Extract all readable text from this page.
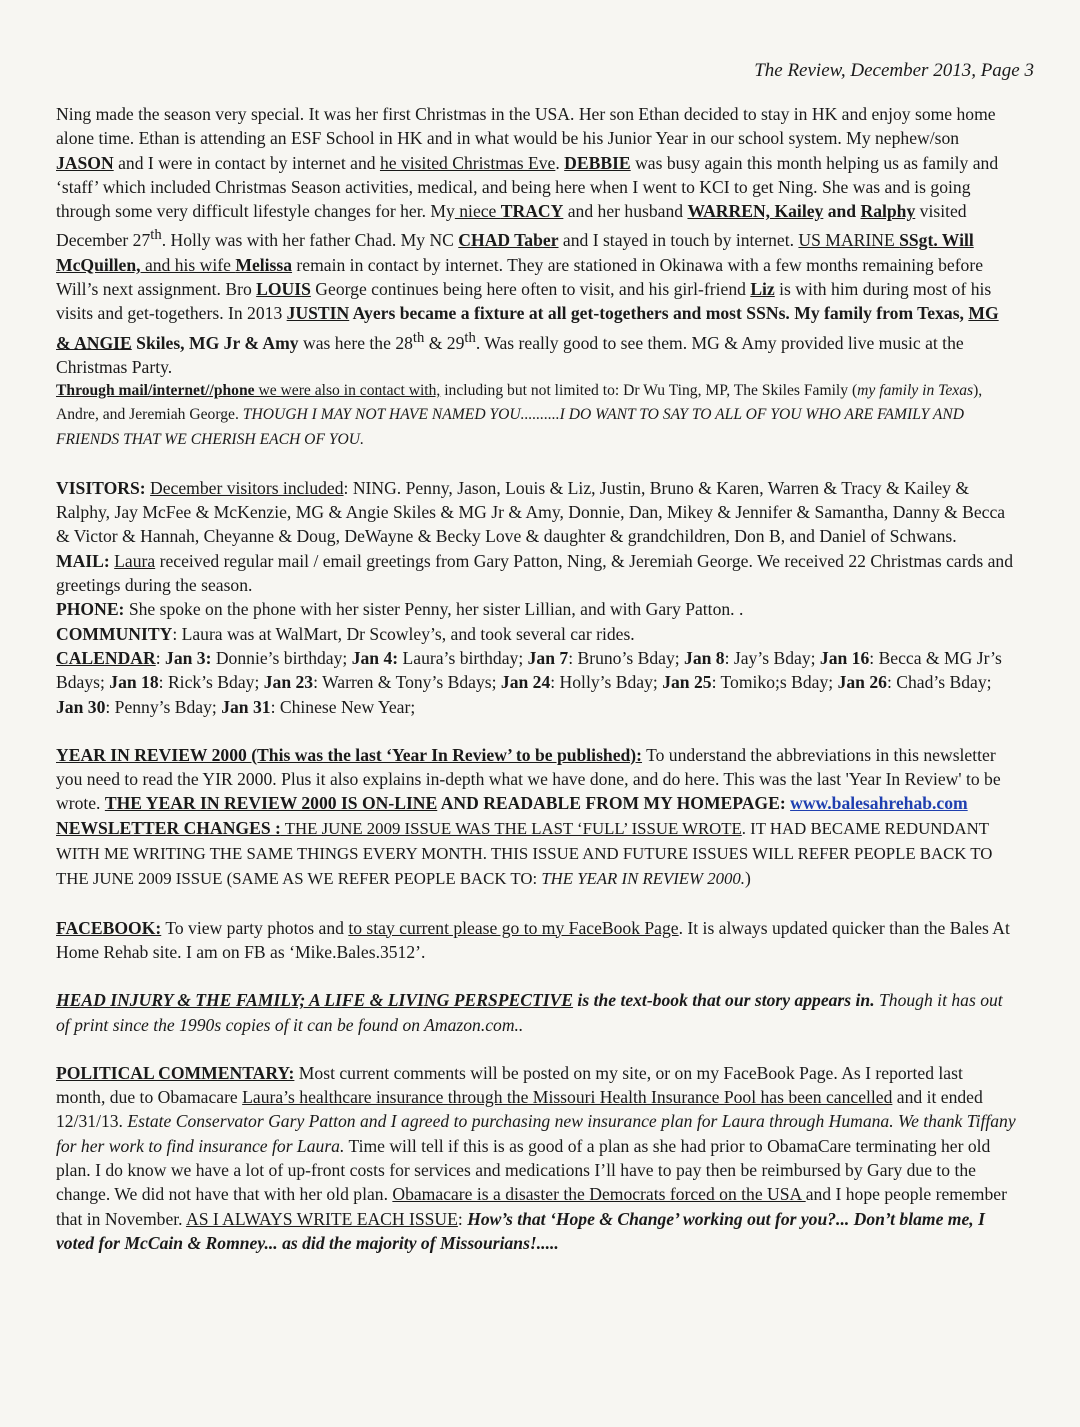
The Review, December 2013, Page 3

Ning made the season very special. It was her first Christmas in the USA. Her son Ethan decided to stay in HK and enjoy some home alone time. Ethan is attending an ESF School in HK and in what would be his Junior Year in our school system. My nephew/son JASON and I were in contact by internet and he visited Christmas Eve. DEBBIE was busy again this month helping us as family and ‘staff’ which included Christmas Season activities, medical, and being here when I went to KCI to get Ning. She was and is going through some very difficult lifestyle changes for her. My niece TRACY and her husband WARREN, Kailey and Ralphy visited December 27th. Holly was with her father Chad. My NC CHAD Taber and I stayed in touch by internet. US MARINE SSgt. Will McQuillen, and his wife Melissa remain in contact by internet. They are stationed in Okinawa with a few months remaining before Will’s next assignment. Bro LOUIS George continues being here often to visit, and his girl-friend Liz is with him during most of his visits and get-togethers. In 2013 JUSTIN Ayers became a fixture at all get-togethers and most SSNs. My family from Texas, MG & ANGIE Skiles, MG Jr & Amy was here the 28th & 29th. Was really good to see them. MG & Amy provided live music at the Christmas Party.

Through mail/internet//phone we were also in contact with, including but not limited to: Dr Wu Ting, MP, The Skiles Family (my family in Texas), Andre, and Jeremiah George. THOUGH I MAY NOT HAVE NAMED YOU..........I DO WANT TO SAY TO ALL OF YOU WHO ARE FAMILY AND FRIENDS THAT WE CHERISH EACH OF YOU.

VISITORS: December visitors included: NING. Penny, Jason, Louis & Liz, Justin, Bruno & Karen, Warren & Tracy & Kailey & Ralphy, Jay McFee & McKenzie, MG & Angie Skiles & MG Jr & Amy, Donnie, Dan, Mikey & Jennifer & Samantha, Danny & Becca & Victor & Hannah, Cheyanne & Doug, DeWayne & Becky Love & daughter & grandchildren, Don B, and Daniel of Schwans.

MAIL: Laura received regular mail / email greetings from Gary Patton, Ning, & Jeremiah George. We received 22 Christmas cards and greetings during the season.

PHONE: She spoke on the phone with her sister Penny, her sister Lillian, and with Gary Patton. .

COMMUNITY: Laura was at WalMart, Dr Scowley’s, and took several car rides.

CALENDAR: Jan 3: Donnie’s birthday; Jan 4: Laura’s birthday; Jan 7: Bruno’s Bday; Jan 8: Jay’s Bday; Jan 16: Becca & MG Jr’s Bdays; Jan 18: Rick’s Bday; Jan 23: Warren & Tony’s Bdays; Jan 24: Holly’s Bday; Jan 25: Tomiko;s Bday; Jan 26: Chad’s Bday; Jan 30: Penny’s Bday; Jan 31: Chinese New Year;

YEAR IN REVIEW 2000 (This was the last ‘Year In Review’ to be published): To understand the abbreviations in this newsletter you need to read the YIR 2000. Plus it also explains in-depth what we have done, and do here. This was the last 'Year In Review' to be wrote. THE YEAR IN REVIEW 2000 IS ON-LINE AND READABLE FROM MY HOMEPAGE: www.balesahrehab.com NEWSLETTER CHANGES : THE JUNE 2009 ISSUE WAS THE LAST ‘FULL’ ISSUE WROTE. IT HAD BECAME REDUNDANT WITH ME WRITING THE SAME THINGS EVERY MONTH. THIS ISSUE AND FUTURE ISSUES WILL REFER PEOPLE BACK TO THE JUNE 2009 ISSUE (SAME AS WE REFER PEOPLE BACK TO: THE YEAR IN REVIEW 2000.)

FACEBOOK: To view party photos and to stay current please go to my FaceBook Page. It is always updated quicker than the Bales At Home Rehab site. I am on FB as ‘Mike.Bales.3512’.

HEAD INJURY & THE FAMILY; A LIFE & LIVING PERSPECTIVE is the text-book that our story appears in. Though it has out of print since the 1990s copies of it can be found on Amazon.com..

POLITICAL COMMENTARY: Most current comments will be posted on my site, or on my FaceBook Page. As I reported last month, due to Obamacare Laura’s healthcare insurance through the Missouri Health Insurance Pool has been cancelled and it ended 12/31/13. Estate Conservator Gary Patton and I agreed to purchasing new insurance plan for Laura through Humana. We thank Tiffany for her work to find insurance for Laura. Time will tell if this is as good of a plan as she had prior to ObamaCare terminating her old plan. I do know we have a lot of up-front costs for services and medications I’ll have to pay then be reimbursed by Gary due to the change. We did not have that with her old plan. Obamacare is a disaster the Democrats forced on the USA and I hope people remember that in November. AS I ALWAYS WRITE EACH ISSUE: How’s that ‘Hope & Change’ working out for you?... Don’t blame me, I voted for McCain & Romney... as did the majority of Missourians!.....
